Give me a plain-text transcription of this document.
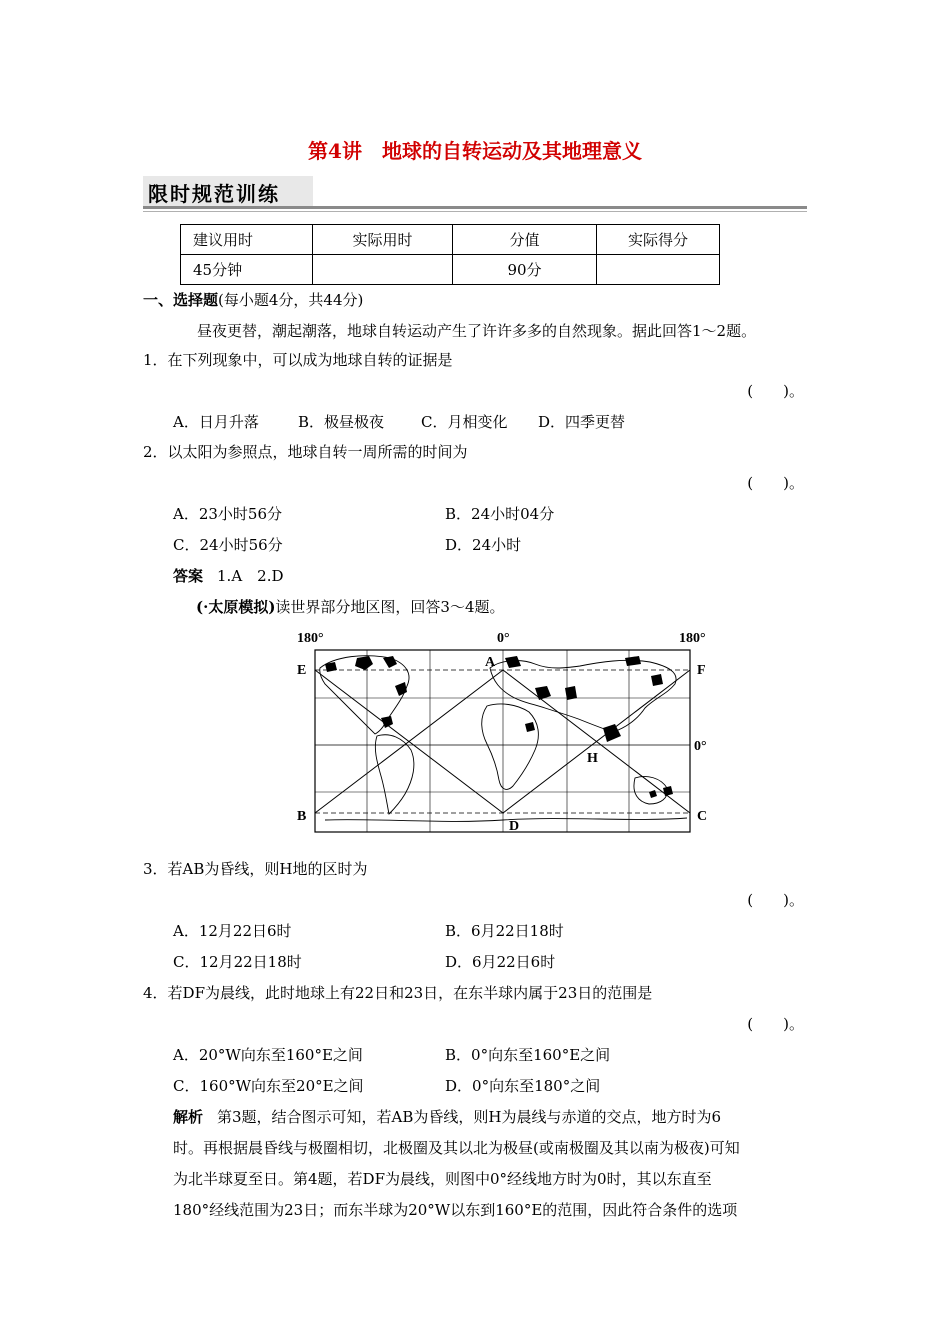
第4讲　地球的自转运动及其地理意义
限时规范训练
建议用时	实际用时	分值	实际得分
45分钟		90分	
一、选择题(每小题4分，共44分)
昼夜更替，潮起潮落，地球自转运动产生了许许多多的自然现象。据此回答1～2题。
1．在下列现象中，可以成为地球自转的证据是
(　　)。
A．日月升落	B．极昼极夜 C．月相变化 D．四季更替
2．以太阳为参照点，地球自转一周所需的时间为
(　　)。
A．23小时56分	B．24小时04分
C．24小时56分	D．24小时
答案 1.A　2.D
(·太原模拟)读世界部分地区图，回答3～4题。
180°	0°	180°
E
A
F
B
D
C
H
0°
3．若AB为昏线，则H地的区时为
(　　)。
A．12月22日6时	B．6月22日18时
C．12月22日18时	D．6月22日6时
4．若DF为晨线，此时地球上有22日和23日，在东半球内属于23日的范围是
(　　)。
A．20°W向东至160°E之间	B．0°向东至160°E之间
C．160°W向东至20°E之间	D．0°向东至180°之间
解析 第3题，结合图示可知，若AB为昏线，则H为晨线与赤道的交点，地方时为6
时。再根据晨昏线与极圈相切，北极圈及其以北为极昼(或南极圈及其以南为极夜)可知
为北半球夏至日。第4题，若DF为晨线，则图中0°经线地方时为0时，其以东直至
180°经线范围为23日；而东半球为20°W以东到160°E的范围，因此符合条件的选项
